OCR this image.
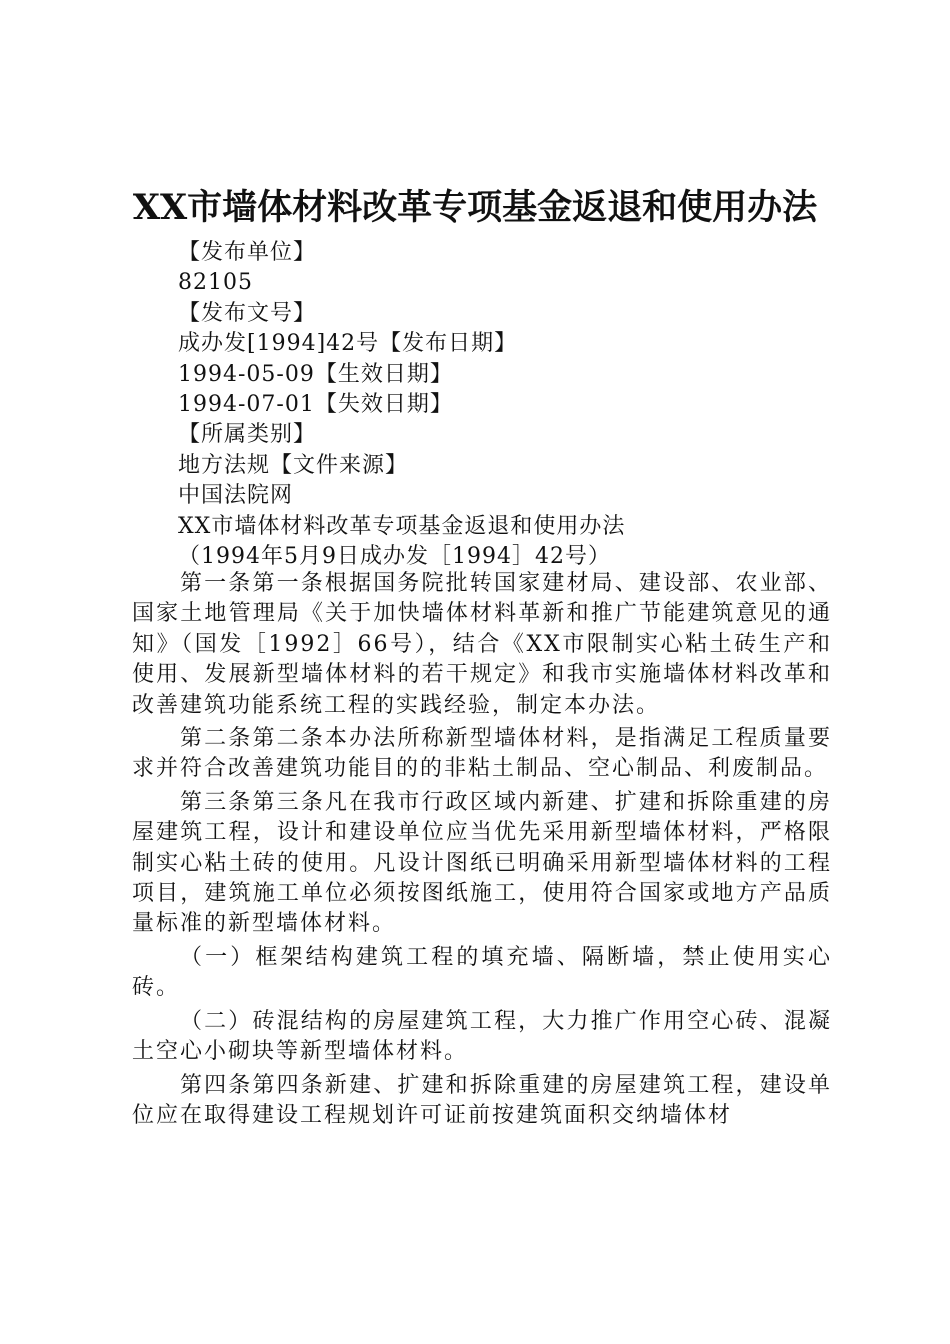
XX市墙体材料改革专项基金返退和使用办法
【发布单位】
82105
【发布文号】
成办发[1994]42号【发布日期】
1994-05-09【生效日期】
1994-07-01【失效日期】
【所属类别】
地方法规【文件来源】
中国法院网
XX市墙体材料改革专项基金返退和使用办法
（1994年5月9日成办发［1994］42号）

第一条第一条根据国务院批转国家建材局、建设部、农业部、国家土地管理局《关于加快墙体材料革新和推广节能建筑意见的通知》（国发［1992］66号），结合《XX市限制实心粘土砖生产和使用、发展新型墙体材料的若干规定》和我市实施墙体材料改革和改善建筑功能系统工程的实践经验，制定本办法。

第二条第二条本办法所称新型墙体材料，是指满足工程质量要求并符合改善建筑功能目的的非粘土制品、空心制品、利废制品。

第三条第三条凡在我市行政区域内新建、扩建和拆除重建的房屋建筑工程，设计和建设单位应当优先采用新型墙体材料，严格限制实心粘土砖的使用。凡设计图纸已明确采用新型墙体材料的工程项目，建筑施工单位必须按图纸施工，使用符合国家或地方产品质量标准的新型墙体材料。

（一）框架结构建筑工程的填充墙、隔断墙，禁止使用实心砖。

（二）砖混结构的房屋建筑工程，大力推广作用空心砖、混凝土空心小砌块等新型墙体材料。

第四条第四条新建、扩建和拆除重建的房屋建筑工程，建设单位应在取得建设工程规划许可证前按建筑面积交纳墙体材
